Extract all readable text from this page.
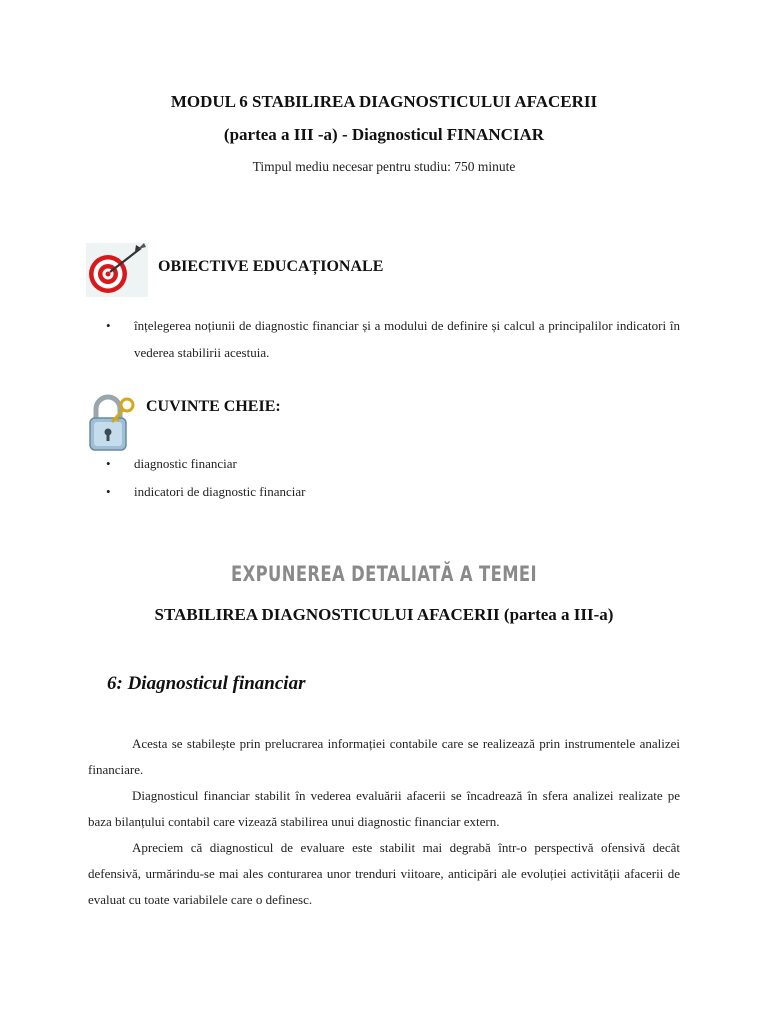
MODUL 6 STABILIREA DIAGNOSTICULUI AFACERII
(partea a III -a) - Diagnosticul FINANCIAR
Timpul mediu necesar pentru studiu: 750 minute
OBIECTIVE EDUCAȚIONALE
• înțelegerea noțiunii de diagnostic financiar și a modului de definire și calcul a principalilor indicatori în vederea stabilirii acestuia.
CUVINTE CHEIE:
• diagnostic financiar
• indicatori de diagnostic financiar
EXPUNEREA DETALIATĂ A TEMEI
STABILIREA DIAGNOSTICULUI AFACERII (partea a III-a)
6: Diagnosticul financiar

Acesta se stabilește prin prelucrarea informației contabile care se realizează prin instrumentele analizei financiare.

Diagnosticul financiar stabilit în vederea evaluării afacerii se încadrează în sfera analizei realizate pe baza bilanțului contabil care vizează stabilirea unui diagnostic financiar extern.

Apreciem că diagnosticul de evaluare este stabilit mai degrabă într-o perspectivă ofensivă decât defensivă, urmărindu-se mai ales conturarea unor trenduri viitoare, anticipări ale evoluției activității afacerii de evaluat cu toate variabilele care o definesc.
